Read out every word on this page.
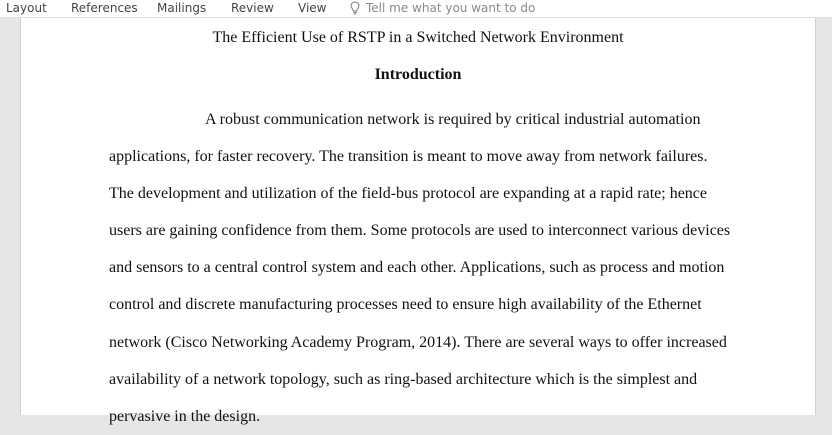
Layout References Mailings Review View	Tell me what you want to do
The Efficient Use of RSTP in a Switched Network Environment
Introduction
A robust communication network is required by critical industrial automation
applications, for faster recovery. The transition is meant to move away from network failures.
The development and utilization of the field-bus protocol are expanding at a rapid rate; hence
users are gaining confidence from them. Some protocols are used to interconnect various devices
and sensors to a central control system and each other. Applications, such as process and motion
control and discrete manufacturing processes need to ensure high availability of the Ethernet
network (Cisco Networking Academy Program, 2014). There are several ways to offer increased
availability of a network topology, such as ring-based architecture which is the simplest and
pervasive in the design.
